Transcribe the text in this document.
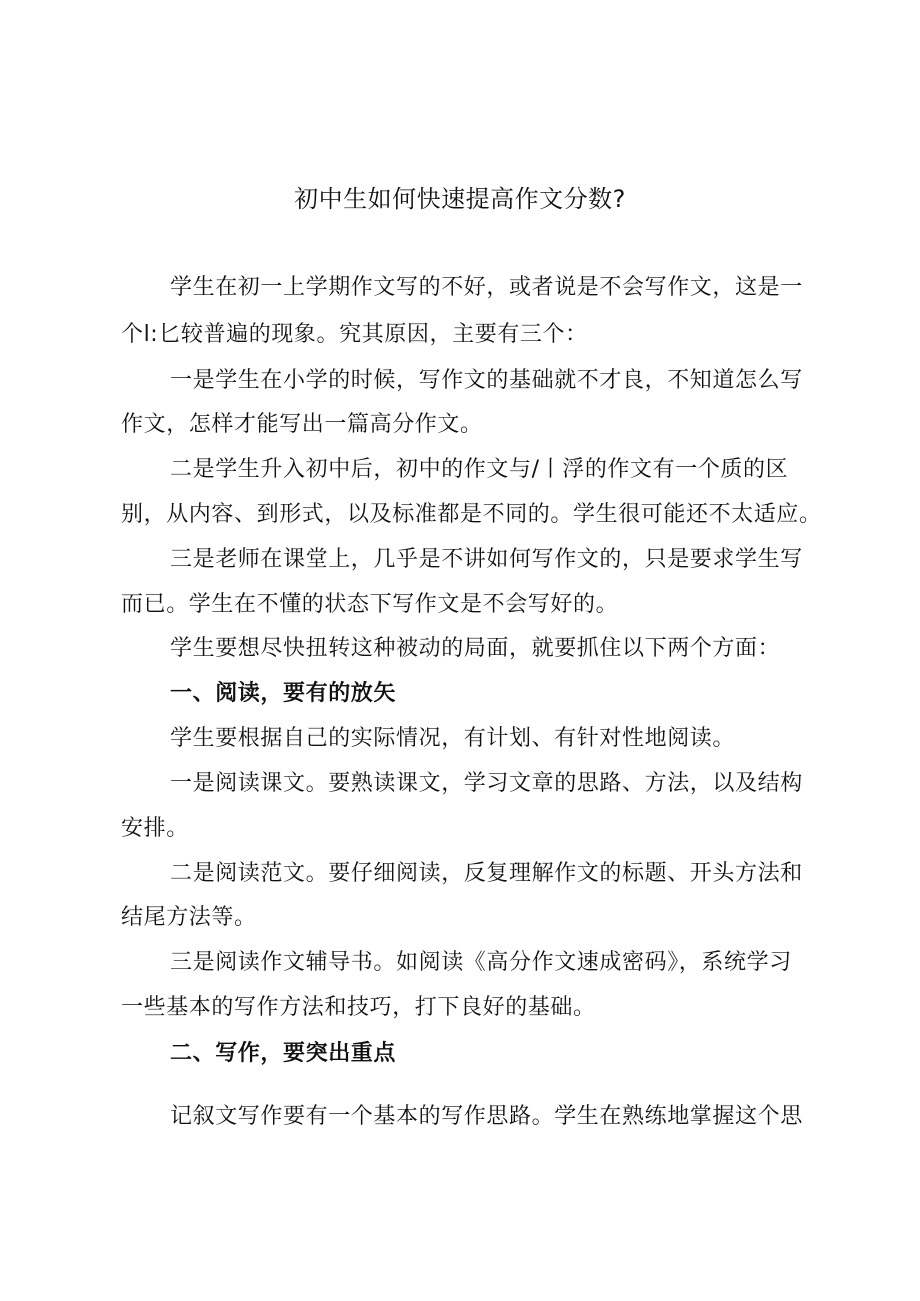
初中生如何快速提高作文分数?

学生在初一上学期作文写的不好，或者说是不会写作文，这是一

个l:匕较普遍的现象。究其原因，主要有三个：

一是学生在小学的时候，写作文的基础就不才良，不知道怎么写

作文，怎样才能写出一篇高分作文。

二是学生升入初中后，初中的作文与/丨浮的作文有一个质的区

别，从内容、到形式，以及标准都是不同的。学生很可能还不太适应。

三是老师在课堂上，几乎是不讲如何写作文的，只是要求学生写

而已。学生在不懂的状态下写作文是不会写好的。

学生要想尽快扭转这种被动的局面，就要抓住以下两个方面：

一、阅读，要有的放矢

学生要根据自己的实际情况，有计划、有针对性地阅读。

一是阅读课文。要熟读课文，学习文章的思路、方法，以及结构

安排。

二是阅读范文。要仔细阅读，反复理解作文的标题、开头方法和

结尾方法等。

三是阅读作文辅导书。如阅读《高分作文速成密码》，系统学习

一些基本的写作方法和技巧，打下良好的基础。

二、写作，要突出重点

记叙文写作要有一个基本的写作思路。学生在熟练地掌握这个思
